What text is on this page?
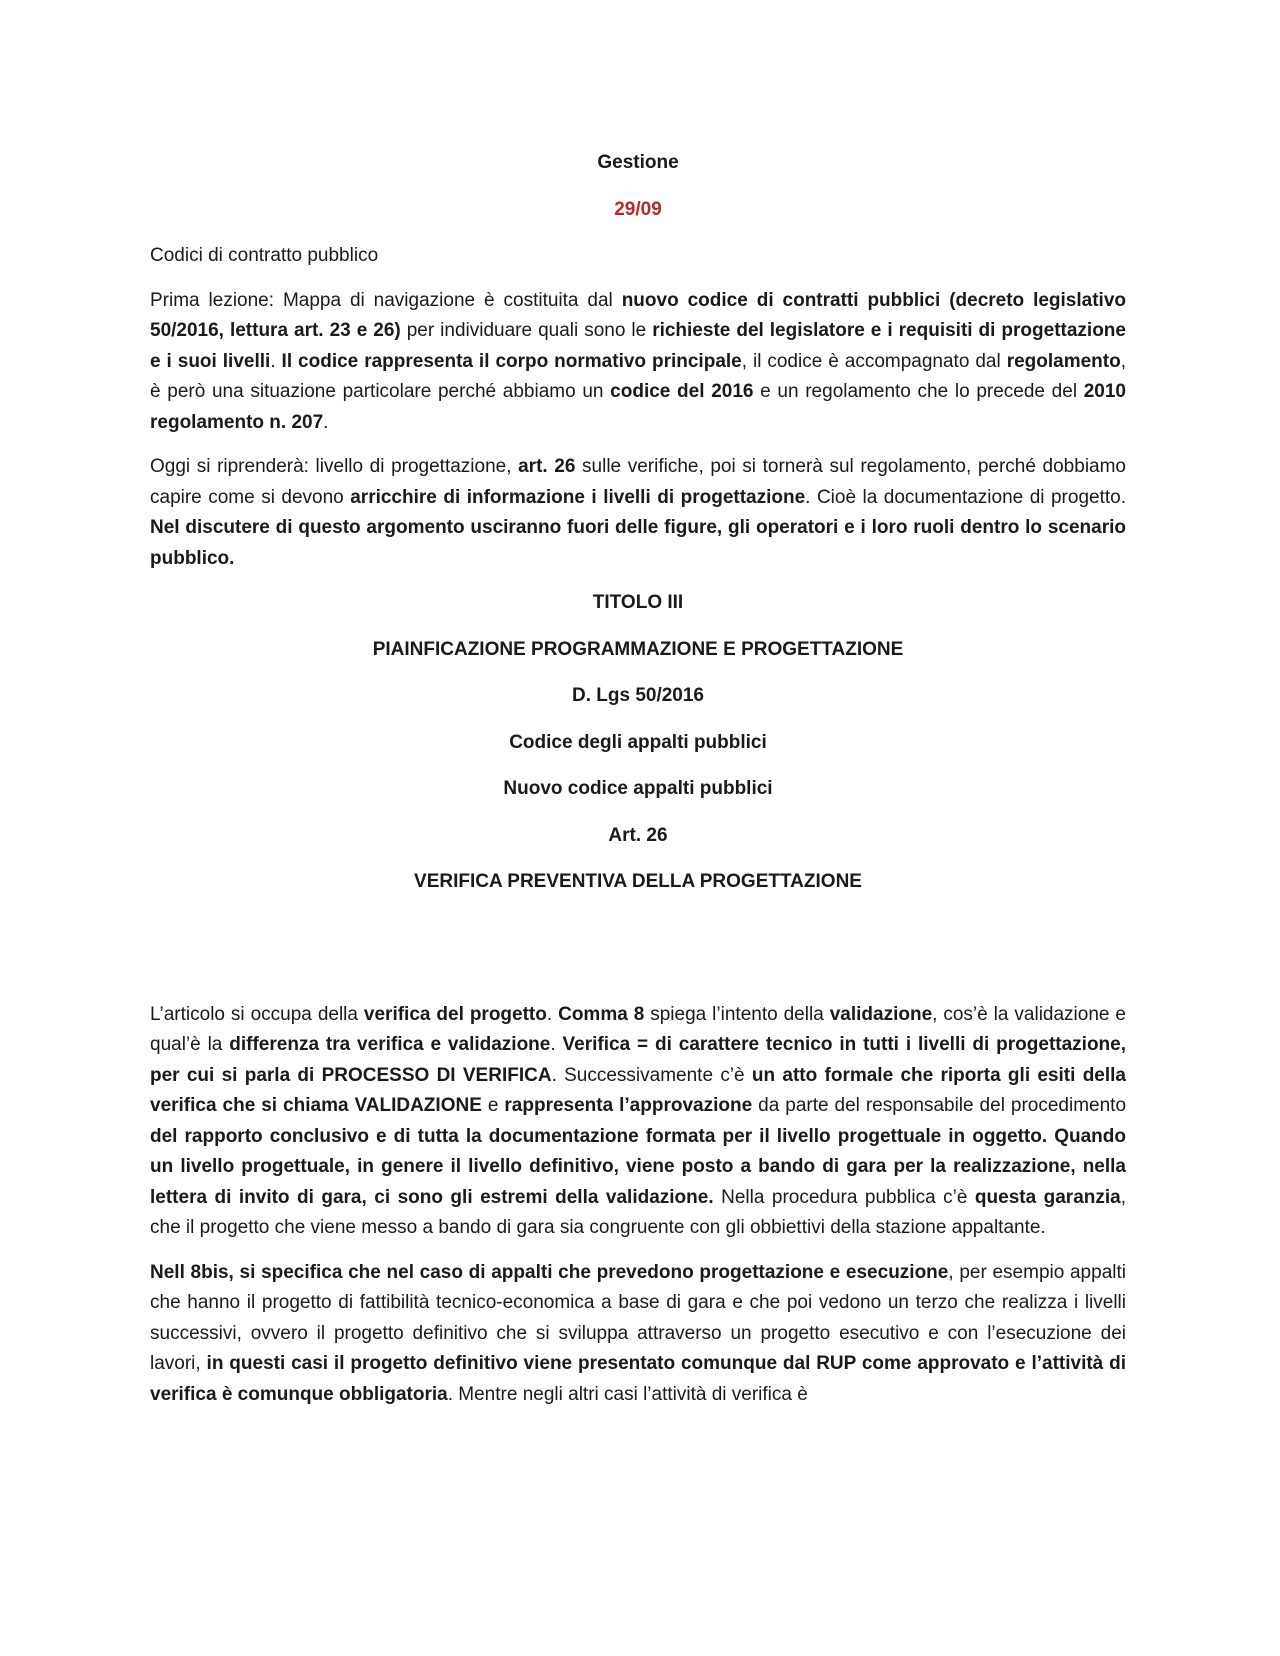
Gestione
29/09

Codici di contratto pubblico

Prima lezione: Mappa di navigazione è costituita dal nuovo codice di contratti pubblici (decreto legislativo 50/2016, lettura art. 23 e 26) per individuare quali sono le richieste del legislatore e i requisiti di progettazione e i suoi livelli. Il codice rappresenta il corpo normativo principale, il codice è accompagnato dal regolamento, è però una situazione particolare perché abbiamo un codice del 2016 e un regolamento che lo precede del 2010 regolamento n. 207.

Oggi si riprenderà: livello di progettazione, art. 26 sulle verifiche, poi si tornerà sul regolamento, perché dobbiamo capire come si devono arricchire di informazione i livelli di progettazione. Cioè la documentazione di progetto. Nel discutere di questo argomento usciranno fuori delle figure, gli operatori e i loro ruoli dentro lo scenario pubblico.

TITOLO III
PIAINFICAZIONE PROGRAMMAZIONE E PROGETTAZIONE
D. Lgs 50/2016
Codice degli appalti pubblici
Nuovo codice appalti pubblici
Art. 26
VERIFICA PREVENTIVA DELLA PROGETTAZIONE

L’articolo si occupa della verifica del progetto. Comma 8 spiega l’intento della validazione, cos’è la validazione e qual’è la differenza tra verifica e validazione. Verifica = di carattere tecnico in tutti i livelli di progettazione, per cui si parla di PROCESSO DI VERIFICA. Successivamente c’è un atto formale che riporta gli esiti della verifica che si chiama VALIDAZIONE e rappresenta l’approvazione da parte del responsabile del procedimento del rapporto conclusivo e di tutta la documentazione formata per il livello progettuale in oggetto. Quando un livello progettuale, in genere il livello definitivo, viene posto a bando di gara per la realizzazione, nella lettera di invito di gara, ci sono gli estremi della validazione. Nella procedura pubblica c’è questa garanzia, che il progetto che viene messo a bando di gara sia congruente con gli obbiettivi della stazione appaltante.

Nell 8bis, si specifica che nel caso di appalti che prevedono progettazione e esecuzione, per esempio appalti che hanno il progetto di fattibilità tecnico-economica a base di gara e che poi vedono un terzo che realizza i livelli successivi, ovvero il progetto definitivo che si sviluppa attraverso un progetto esecutivo e con l’esecuzione dei lavori, in questi casi il progetto definitivo viene presentato comunque dal RUP come approvato e l’attività di verifica è comunque obbligatoria. Mentre negli altri casi l’attività di verifica è
